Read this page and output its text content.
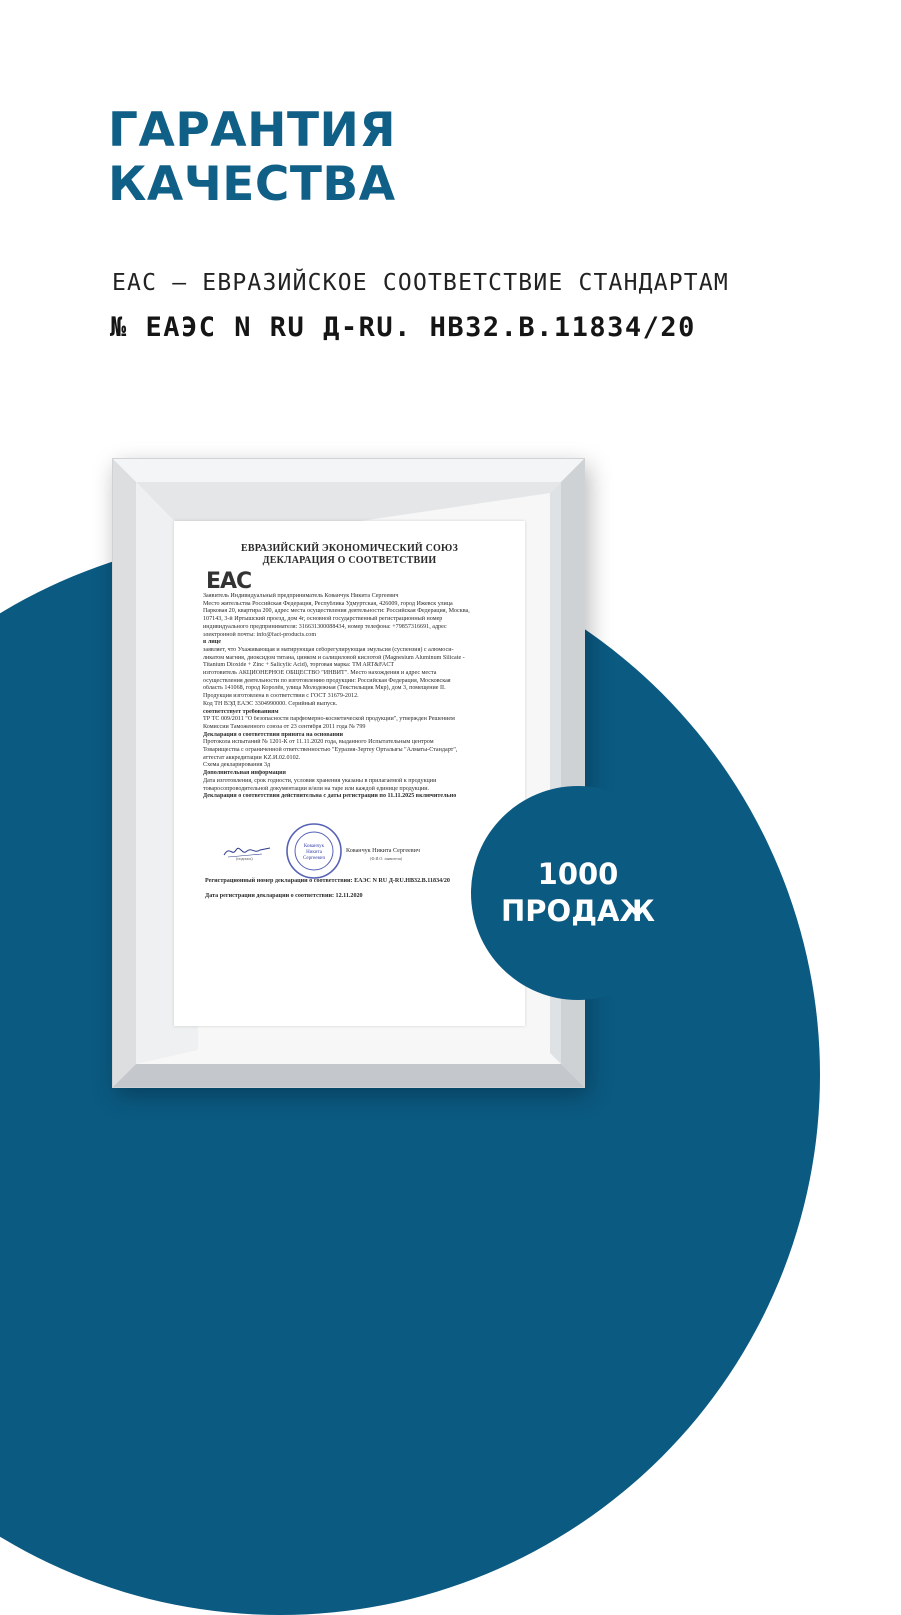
ГАРАНТИЯ
КАЧЕСТВА
EAC – ЕВРАЗИЙСКОЕ СООТВЕТСТВИЕ СТАНДАРТАМ
№ ЕАЭС N RU Д-RU. НВ32.В.11834/20
ЕВРАЗИЙСКИЙ ЭКОНОМИЧЕСКИЙ СОЮЗ
ДЕКЛАРАЦИЯ О СООТВЕТСТВИИ
EAC
Заявитель Индивидуальный предприниматель Кованчук Никита Сергеевич
Место жительства Российская Федерация, Республика Удмуртская, 426009, город Ижевск улица
Парковая 20, квартира 200, адрес места осуществления деятельности: Российская Федерация, Москва,
107143, 3-й Иртышский проезд, дом 4г, основной государственный регистрационный номер
индивидуального предпринимателя: 316631300088434, номер телефона: +79857316691, адрес
электронной почты: info@fact-products.com
в лице
заявляет, что Ухаживающая и матирующая себорегулирующая эмульсия (суспензия) с алюмоси-
ликатом магния, диоксидом титана, цинком и салициловой кислотой (Magnesium Aluminum Silicate -
Titanium Dioxide + Zinc + Salicylic Acid), торговая марка: TM ART&FACT
изготовитель АКЦИОНЕРНОЕ ОБЩЕСТВО "ИНВИТ". Место нахождения и адрес места
осуществления деятельности по изготовлению продукции: Российская Федерация, Московская
область 141068, город Королёв, улица Молодежная (Текстильщик Мкр), дом 3, помещение II.
Продукция изготовлена в соответствии с ГОСТ 31679-2012.
Код ТН ВЭД ЕАЭС 3304990000. Серийный выпуск.
соответствует требованиям
ТР ТС 009/2011 "О безопасности парфюмерно-косметической продукции", утвержден Решением
Комиссии Таможенного союза от 23 сентября 2011 года № 799
Декларация о соответствии принята на основании
Протокола испытаний № 1201-К от 11.11.2020 года, выданного Испытательным центром
Товарищества с ограниченной ответственностью "Еуразия-Зертеу Орталығы "Алматы-Стандарт",
аттестат аккредитации KZ.И.02.0102.
Схема декларирования 3д
Дополнительная информация
Дата изготовления, срок годности, условия хранения указаны в прилагаемой к продукции
товаросопроводительной документации и/или на таре или каждой единице продукции.
Декларация о соответствии действительна с даты регистрации по 11.11.2025 включительно
Кованчук
Никита
Сергеевич
Кованчук Никита Сергеевич
(подпись)	(Ф.И.О. заявителя)
Регистрационный номер декларации о соответствии: ЕАЭС N RU Д-RU.НВ32.В.11834/20
Дата регистрации декларации о соответствии: 12.11.2020
1000
ПРОДАЖ
